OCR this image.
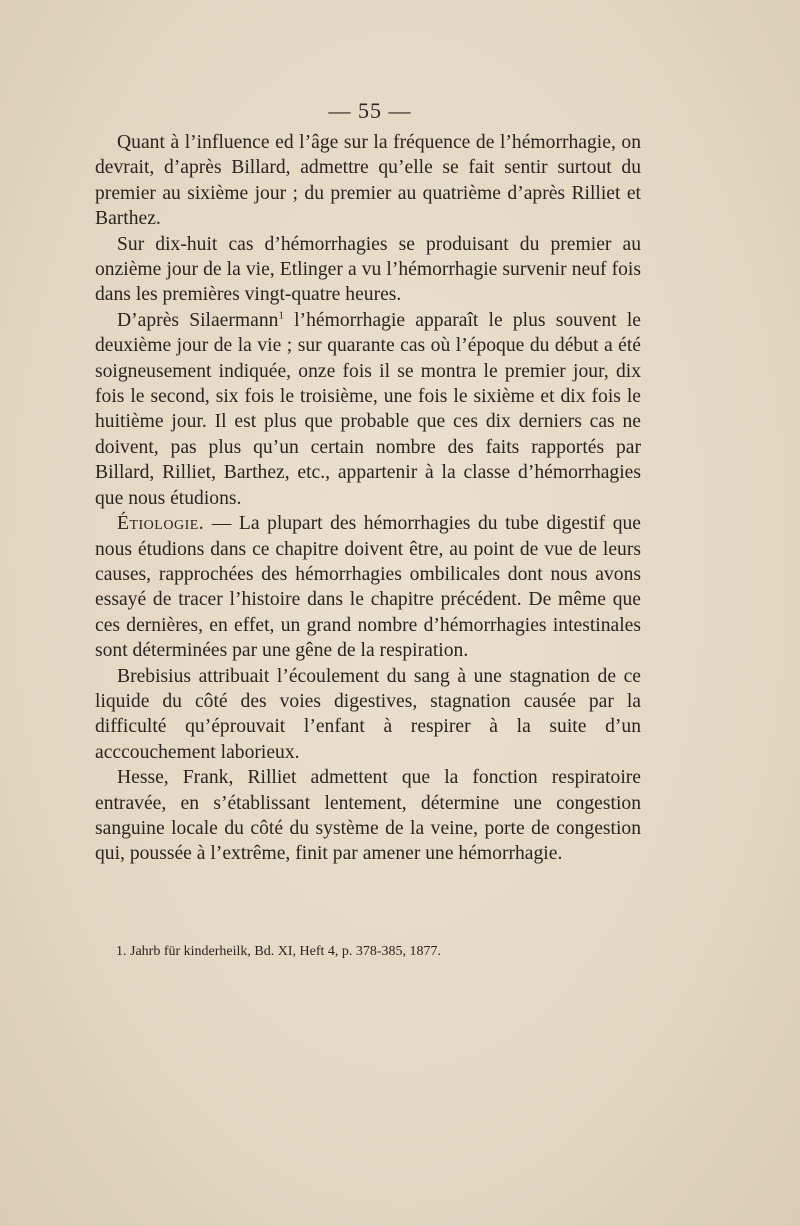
— 55 —

Quant à l’influence ed l’âge sur la fréquence de l’hémorrhagie, on devrait, d’après Billard, admettre qu’elle se fait sentir surtout du premier au sixième jour ; du premier au quatrième d’après Rilliet et Barthez.

Sur dix-huit cas d’hémorrhagies se produisant du premier au onzième jour de la vie, Etlinger a vu l’hémorrhagie survenir neuf fois dans les premières vingt-quatre heures.

D’après Silaermann$^1$ l’hémorrhagie apparaît le plus souvent le deuxième jour de la vie ; sur quarante cas où l’époque du début a été soigneusement indiquée, onze fois il se montra le premier jour, dix fois le second, six fois le troisième, une fois le sixième et dix fois le huitième jour. Il est plus que probable que ces dix derniers cas ne doivent, pas plus qu’un certain nombre des faits rapportés par Billard, Rilliet, Barthez, etc., appartenir à la classe d’hémorrhagies que nous étudions.

Étiologie. — La plupart des hémorrhagies du tube digestif que nous étudions dans ce chapitre doivent être, au point de vue de leurs causes, rapprochées des hémorrhagies ombilicales dont nous avons essayé de tracer l’histoire dans le chapitre précédent. De même que ces dernières, en effet, un grand nombre d’hémorrhagies intestinales sont déterminées par une gêne de la respiration.

Brebisius attribuait l’écoulement du sang à une stagnation de ce liquide du côté des voies digestives, stagnation causée par la difficulté qu’éprouvait l’enfant à respirer à la suite d’un acccouchement laborieux.

Hesse, Frank, Rilliet admettent que la fonction respiratoire entravée, en s’établissant lentement, détermine une congestion sanguine locale du côté du système de la veine, porte de congestion qui, poussée à l’extrême, finit par amener une hémorrhagie.

1. Jahrb für kinderheilk, Bd. XI, Heft 4, p. 378-385, 1877.
